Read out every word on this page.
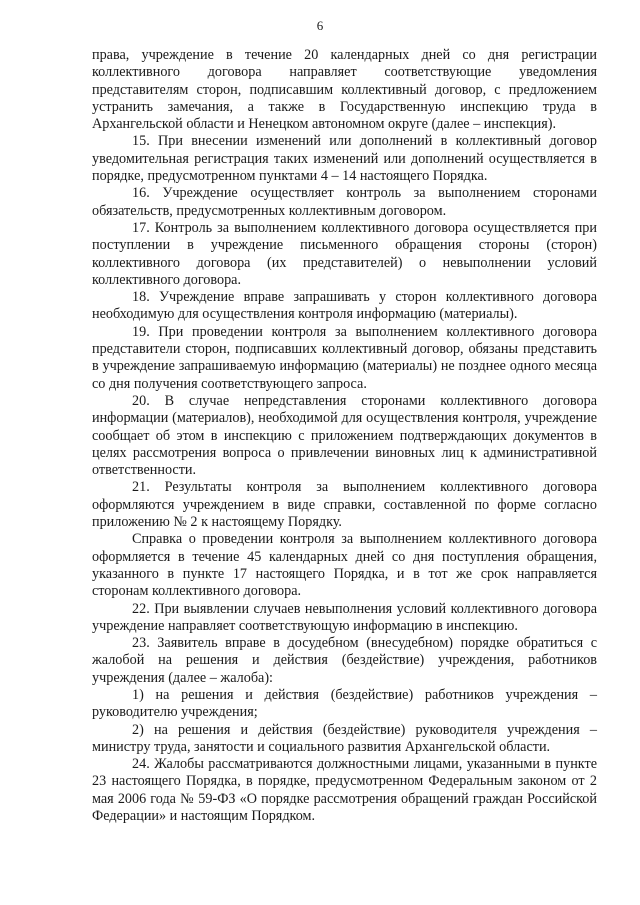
6

права, учреждение в течение 20 календарных дней со дня регистрации коллективного договора направляет соответствующие уведомления представителям сторон, подписавшим коллективный договор, с предложением устранить замечания, а также в Государственную инспекцию труда в Архангельской области и Ненецком автономном округе (далее – инспекция).

15. При внесении изменений или дополнений в коллективный договор уведомительная регистрация таких изменений или дополнений осуществляется в порядке, предусмотренном пунктами 4 – 14 настоящего Порядка.

16. Учреждение осуществляет контроль за выполнением сторонами обязательств, предусмотренных коллективным договором.

17. Контроль за выполнением коллективного договора осуществляется при поступлении в учреждение письменного обращения стороны (сторон) коллективного договора (их представителей) о невыполнении условий коллективного договора.

18. Учреждение вправе запрашивать у сторон коллективного договора необходимую для осуществления контроля информацию (материалы).

19. При проведении контроля за выполнением коллективного договора представители сторон, подписавших коллективный договор, обязаны представить в учреждение запрашиваемую информацию (материалы) не позднее одного месяца со дня получения соответствующего запроса.

20. В случае непредставления сторонами коллективного договора информации (материалов), необходимой для осуществления контроля, учреждение сообщает об этом в инспекцию с приложением подтверждающих документов в целях рассмотрения вопроса о привлечении виновных лиц к административной ответственности.

21. Результаты контроля за выполнением коллективного договора оформляются учреждением в виде справки, составленной по форме согласно приложению № 2 к настоящему Порядку.

Справка о проведении контроля за выполнением коллективного договора оформляется в течение 45 календарных дней со дня поступления обращения, указанного в пункте 17 настоящего Порядка, и в тот же срок направляется сторонам коллективного договора.

22. При выявлении случаев невыполнения условий коллективного договора учреждение направляет соответствующую информацию в инспекцию.

23. Заявитель вправе в досудебном (внесудебном) порядке обратиться с жалобой на решения и действия (бездействие) учреждения, работников учреждения (далее – жалоба):

1) на решения и действия (бездействие) работников учреждения – руководителю учреждения;

2) на решения и действия (бездействие) руководителя учреждения – министру труда, занятости и социального развития Архангельской области.

24. Жалобы рассматриваются должностными лицами, указанными в пункте 23 настоящего Порядка, в порядке, предусмотренном Федеральным законом от 2 мая 2006 года № 59-ФЗ «О порядке рассмотрения обращений граждан Российской Федерации» и настоящим Порядком.
